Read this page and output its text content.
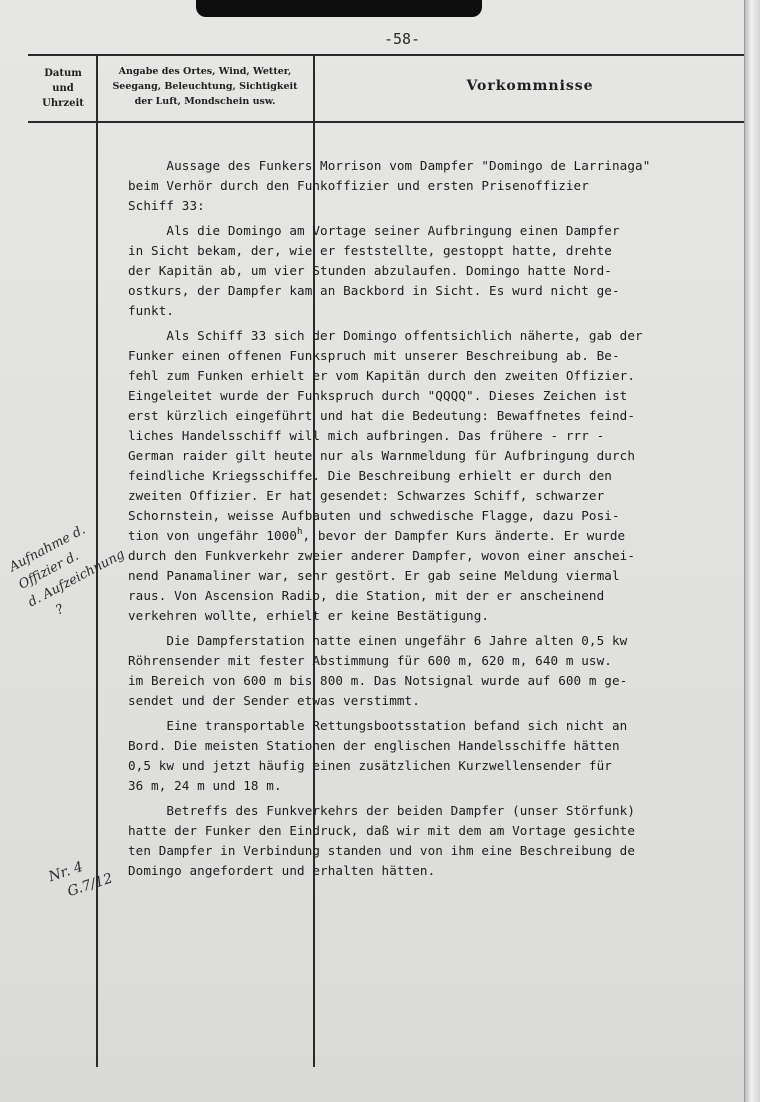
-58-
Datum
und
Uhrzeit
Angabe des Ortes, Wind, Wetter,
Seegang, Beleuchtung, Sichtigkeit
der Luft, Mondschein usw.
Vorkommnisse
Aussage des Funkers Morrison vom Dampfer "Domingo de Larrinaga"
beim Verhör durch den Funkoffizier und ersten Prisenoffizier
Schiff 33:
Als die Domingo am Vortage seiner Aufbringung einen Dampfer
in Sicht bekam, der, wie er feststellte, gestoppt hatte, drehte
der Kapitän ab, um vier Stunden abzulaufen. Domingo hatte Nord-
ostkurs, der Dampfer kam an Backbord in Sicht. Es wurd nicht ge-
funkt.
Als Schiff 33 sich der Domingo offentsichlich näherte, gab der
Funker einen offenen Funkspruch mit unserer Beschreibung ab. Be-
fehl zum Funken erhielt er vom Kapitän durch den zweiten Offizier.
Eingeleitet wurde der Funkspruch durch "QQQQ". Dieses Zeichen ist
erst kürzlich eingeführt und hat die Bedeutung: Bewaffnetes feind-
liches Handelsschiff will mich aufbringen. Das frühere - rrr -
German raider gilt heute nur als Warnmeldung für Aufbringung durch
feindliche Kriegsschiffe. Die Beschreibung erhielt er durch den
zweiten Offizier. Er hat gesendet: Schwarzes Schiff, schwarzer
Schornstein, weisse Aufbauten und schwedische Flagge, dazu Posi-
tion von ungefähr 1000$^h$, bevor der Dampfer Kurs änderte. Er wurde
durch den Funkverkehr zweier anderer Dampfer, wovon einer anschei-
nend Panamaliner war, sehr gestört. Er gab seine Meldung viermal
raus. Von Ascension Radio, die Station, mit der er anscheinend
verkehren wollte, erhielt er keine Bestätigung.
Die Dampferstation hatte einen ungefähr 6 Jahre alten 0,5 kw
Röhrensender mit fester Abstimmung für 600 m, 620 m, 640 m usw.
im Bereich von 600 m bis 800 m. Das Notsignal wurde auf 600 m ge-
sendet und der Sender etwas verstimmt.
Eine transportable Rettungsbootsstation befand sich nicht an
Bord. Die meisten Stationen der englischen Handelsschiffe hätten
0,5 kw und jetzt häufig einen zusätzlichen Kurzwellensender für
36 m, 24 m und 18 m.
Betreffs des Funkverkehrs der beiden Dampfer (unser Störfunk)
hatte der Funker den Eindruck, daß wir mit dem am Vortage gesichte
ten Dampfer in Verbindung standen und von ihm eine Beschreibung de
Domingo angefordert und erhalten hätten.
Aufnahme d.
Offizier d.
d. Aufzeichnung
?
Nr. 4
G.7/12
